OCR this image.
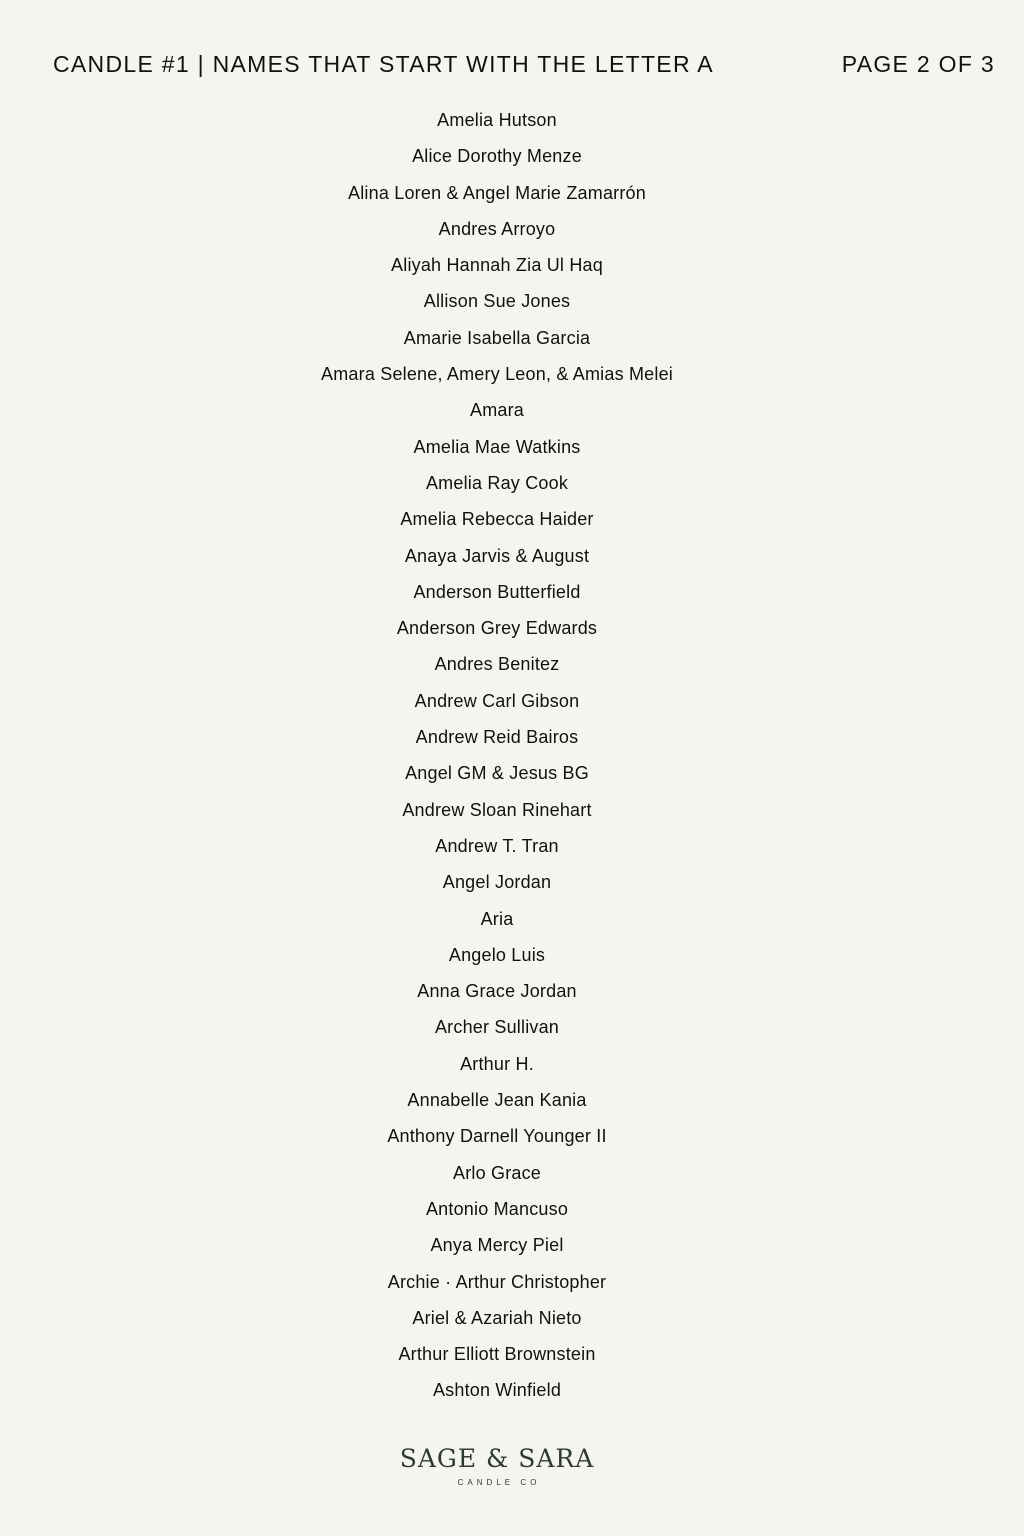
CANDLE #1 | NAMES THAT START WITH THE LETTER A	PAGE 2 OF 3
Amelia Hutson
Alice Dorothy Menze
Alina Loren & Angel Marie Zamarrón
Andres Arroyo
Aliyah Hannah Zia Ul Haq
Allison Sue Jones
Amarie Isabella Garcia
Amara Selene, Amery Leon, & Amias Melei
Amara
Amelia Mae Watkins
Amelia Ray Cook
Amelia Rebecca Haider
Anaya Jarvis & August
Anderson Butterfield
Anderson Grey Edwards
Andres Benitez
Andrew Carl Gibson
Andrew Reid Bairos
Angel GM & Jesus BG
Andrew Sloan Rinehart
Andrew T. Tran
Angel Jordan
Aria
Angelo Luis
Anna Grace Jordan
Archer Sullivan
Arthur H.
Annabelle Jean Kania
Anthony Darnell Younger II
Arlo Grace
Antonio Mancuso
Anya Mercy Piel
Archie · Arthur Christopher
Ariel & Azariah Nieto
Arthur Elliott Brownstein
Ashton Winfield
SAGE & SARA
CANDLE CO
